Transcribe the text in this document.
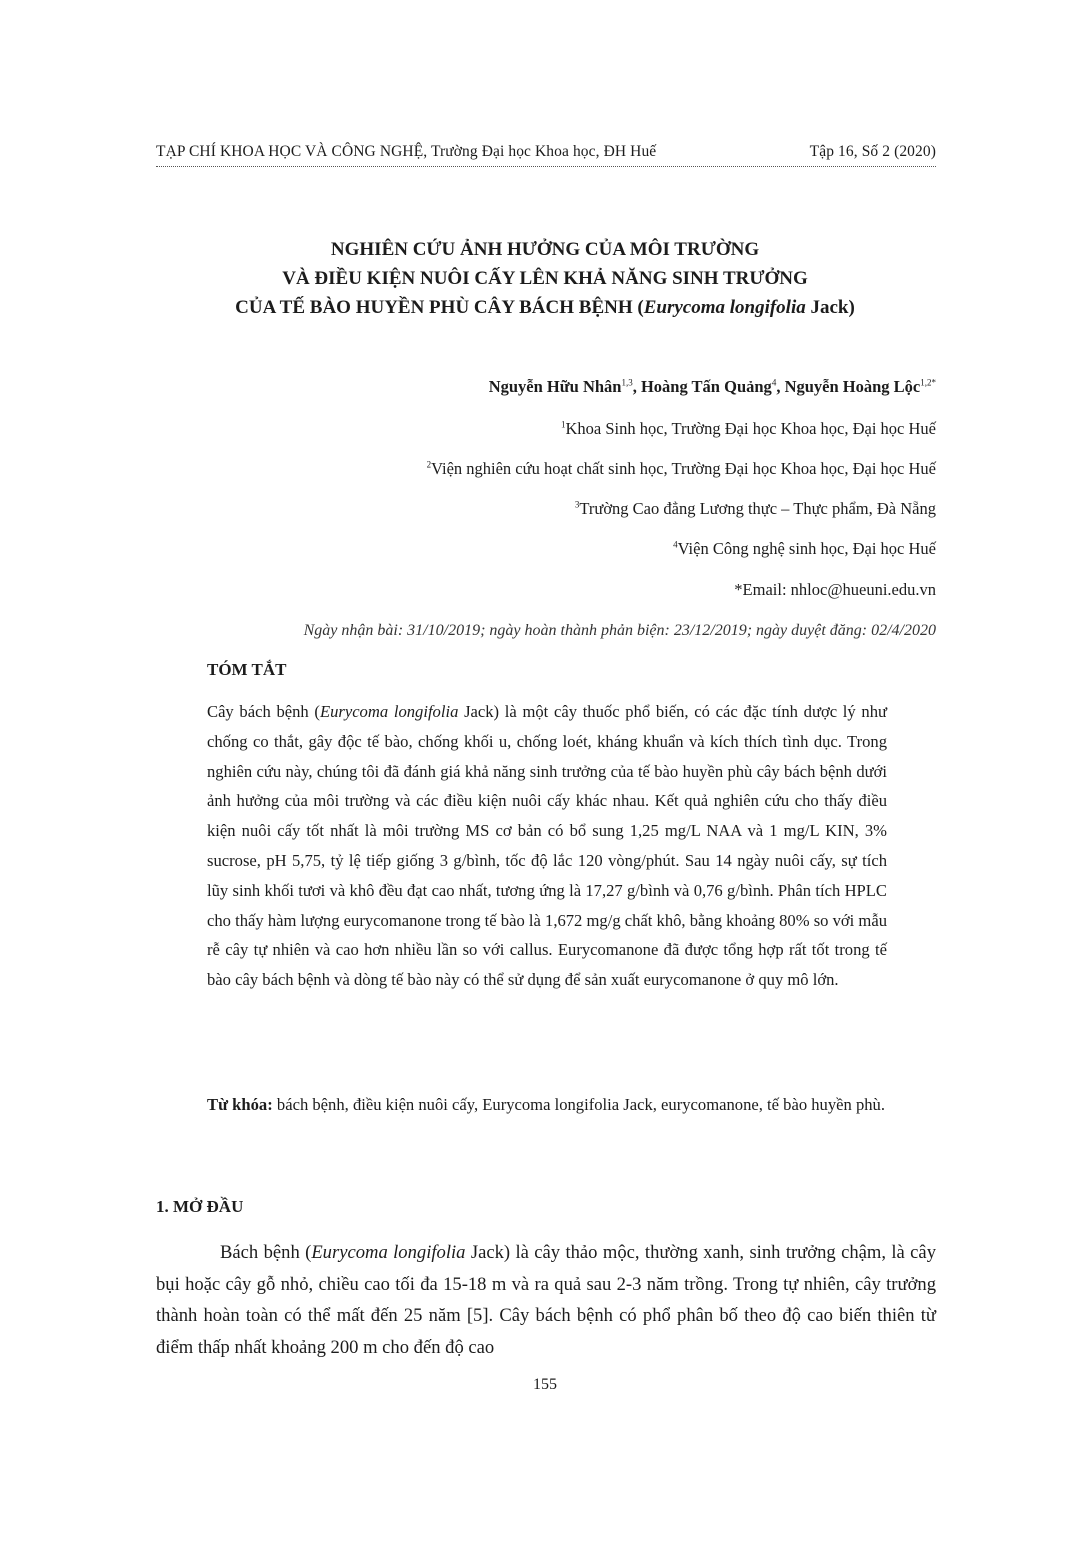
TẠP CHÍ KHOA HỌC VÀ CÔNG NGHỆ, Trường Đại học Khoa học, ĐH Huế	Tập 16, Số 2 (2020)
NGHIÊN CỨU ẢNH HƯỞNG CỦA MÔI TRƯỜNG
VÀ ĐIỀU KIỆN NUÔI CẤY LÊN KHẢ NĂNG SINH TRƯỞNG
CỦA TẾ BÀO HUYỀN PHÙ CÂY BÁCH BỆNH (Eurycoma longifolia Jack)
Nguyễn Hữu Nhân$^{1,3}$, Hoàng Tấn Quảng$^4$, Nguyễn Hoàng Lộc$^{1,2*}$
$^1$Khoa Sinh học, Trường Đại học Khoa học, Đại học Huế
$^2$Viện nghiên cứu hoạt chất sinh học, Trường Đại học Khoa học, Đại học Huế
$^3$Trường Cao đẳng Lương thực – Thực phẩm, Đà Nẵng
$^4$Viện Công nghệ sinh học, Đại học Huế
*Email: nhloc@hueuni.edu.vn
Ngày nhận bài: 31/10/2019; ngày hoàn thành phản biện: 23/12/2019; ngày duyệt đăng: 02/4/2020
TÓM TẮT

Cây bách bệnh (Eurycoma longifolia Jack) là một cây thuốc phổ biến, có các đặc tính dược lý như chống co thắt, gây độc tế bào, chống khối u, chống loét, kháng khuẩn và kích thích tình dục. Trong nghiên cứu này, chúng tôi đã đánh giá khả năng sinh trưởng của tế bào huyền phù cây bách bệnh dưới ảnh hưởng của môi trường và các điều kiện nuôi cấy khác nhau. Kết quả nghiên cứu cho thấy điều kiện nuôi cấy tốt nhất là môi trường MS cơ bản có bổ sung 1,25 mg/L NAA và 1 mg/L KIN, 3% sucrose, pH 5,75, tỷ lệ tiếp giống 3 g/bình, tốc độ lắc 120 vòng/phút. Sau 14 ngày nuôi cấy, sự tích lũy sinh khối tươi và khô đều đạt cao nhất, tương ứng là 17,27 g/bình và 0,76 g/bình. Phân tích HPLC cho thấy hàm lượng eurycomanone trong tế bào là 1,672 mg/g chất khô, bằng khoảng 80% so với mẫu rễ cây tự nhiên và cao hơn nhiều lần so với callus. Eurycomanone đã được tổng hợp rất tốt trong tế bào cây bách bệnh và dòng tế bào này có thể sử dụng để sản xuất eurycomanone ở quy mô lớn.

Từ khóa: bách bệnh, điều kiện nuôi cấy, Eurycoma longifolia Jack, eurycomanone, tế bào huyền phù.

1. MỞ ĐẦU

Bách bệnh (Eurycoma longifolia Jack) là cây thảo mộc, thường xanh, sinh trưởng chậm, là cây bụi hoặc cây gỗ nhỏ, chiều cao tối đa 15-18 m và ra quả sau 2-3 năm trồng. Trong tự nhiên, cây trưởng thành hoàn toàn có thể mất đến 25 năm [5]. Cây bách bệnh có phổ phân bố theo độ cao biến thiên từ điểm thấp nhất khoảng 200 m cho đến độ cao

155
